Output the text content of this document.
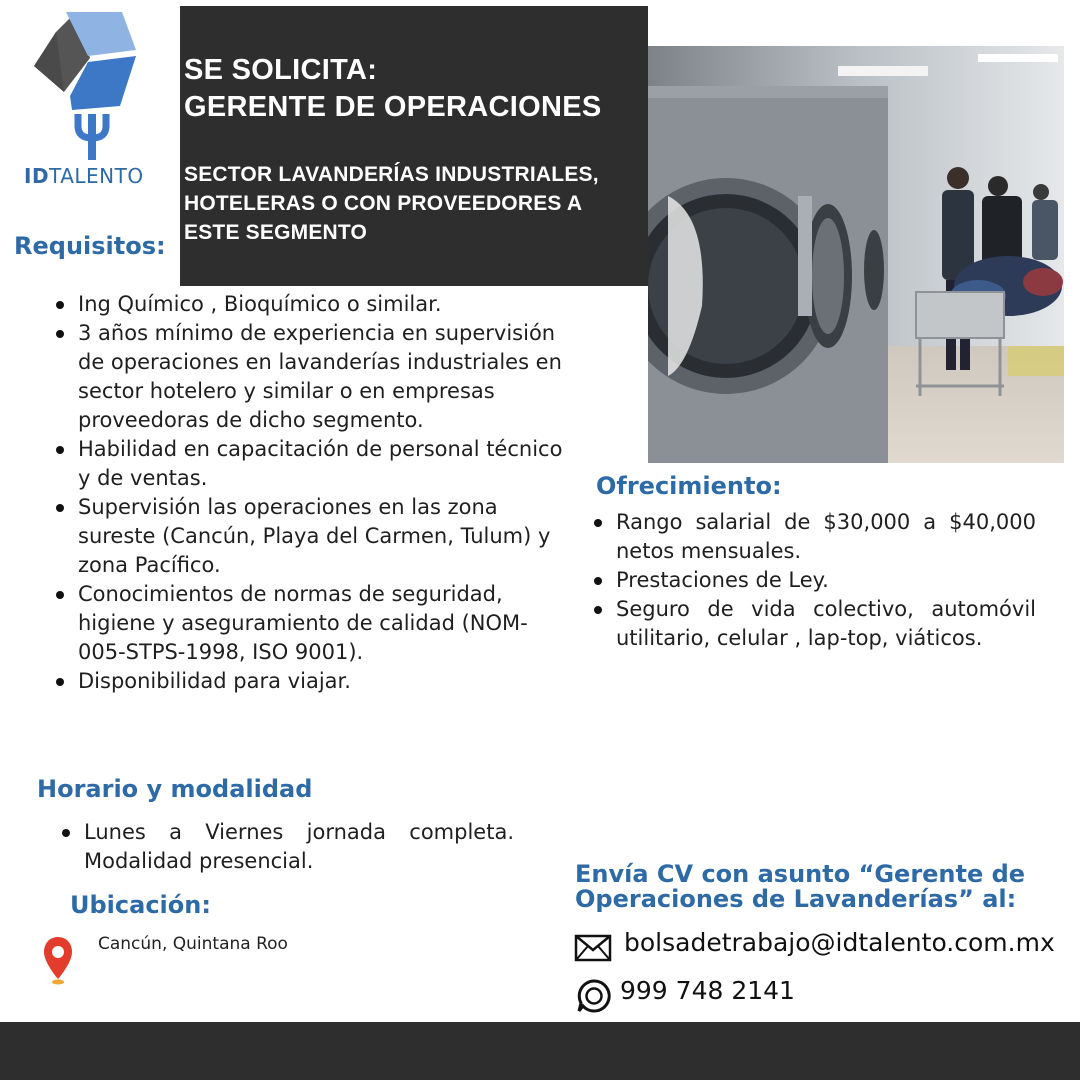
IDTALENTO
SE SOLICITA:
GERENTE DE OPERACIONES
SECTOR LAVANDERÍAS INDUSTRIALES,
HOTELERAS O CON PROVEEDORES A
ESTE SEGMENTO
Requisitos:
Ing Químico , Bioquímico o similar.
3 años mínimo de experiencia en supervisión de operaciones en lavanderías industriales en sector hotelero y similar o en empresas proveedoras de dicho segmento.
Habilidad en capacitación de personal técnico y de ventas.
Supervisión las operaciones en las zona sureste (Cancún, Playa del Carmen, Tulum) y zona Pacífico.
Conocimientos de normas de seguridad, higiene y aseguramiento de calidad (NOM-005-STPS-1998, ISO 9001).
Disponibilidad para viajar.
Ofrecimiento:
Rango salarial de $30,000 a $40,000 netos mensuales.
Prestaciones de Ley.
Seguro de vida colectivo, automóvil utilitario, celular , lap-top, viáticos.
Horario y modalidad
Lunes a Viernes jornada completa. Modalidad presencial.
Ubicación:
Cancún, Quintana Roo
Envía CV con asunto “Gerente de
Operaciones de Lavanderías” al:
bolsadetrabajo@idtalento.com.mx
999 748 2141
